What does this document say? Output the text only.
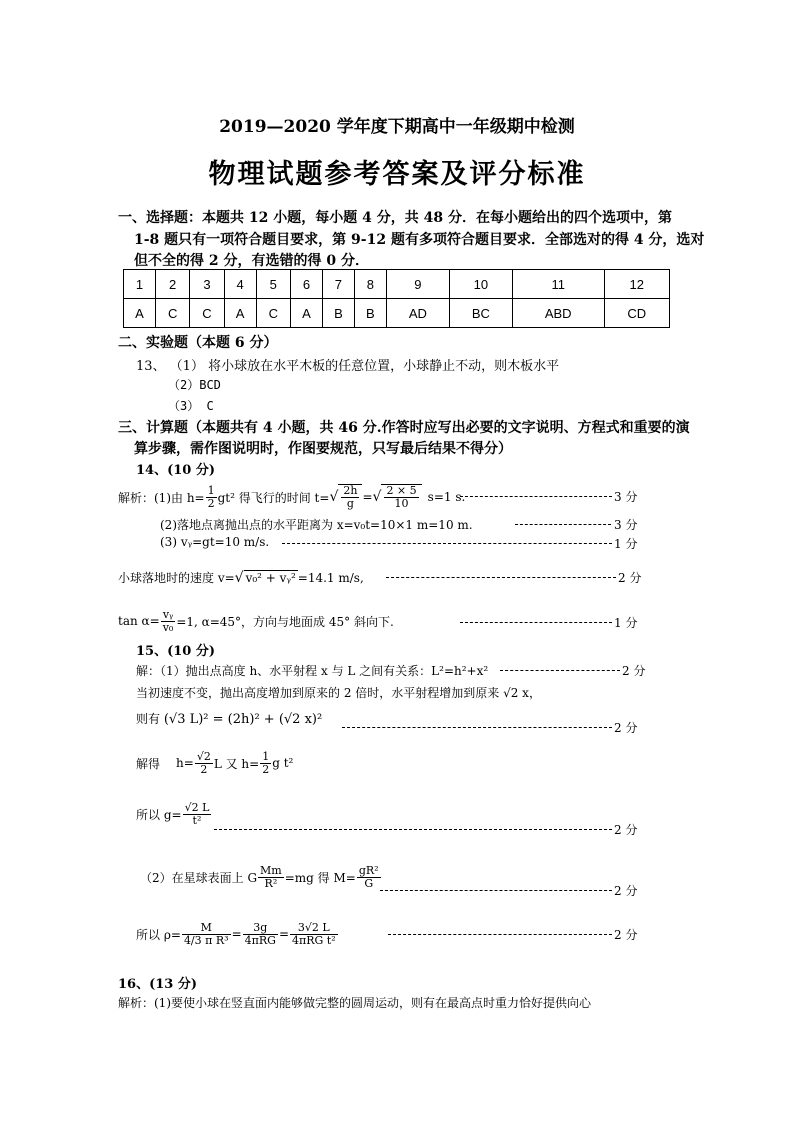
2019—2020 学年度下期高中一年级期中检测
物理试题参考答案及评分标准
一、选择题：本题共 12 小题，每小题 4 分，共 48 分．在每小题给出的四个选项中，第
1-8 题只有一项符合题目要求，第 9-12 题有多项符合题目要求．全部选对的得 4 分，选对
但不全的得 2 分，有选错的得 0 分．
1	2	3	4	5	6	7	8	9	10	11	12
A	C	C	A	C	A	B	B	AD	BC	ABD	CD
二、实验题（本题 6 分）
13、 （1） 将小球放在水平木板的任意位置，小球静止不动，则木板水平
（2）BCD
（3） C
三、计算题（本题共有 4 小题，共 46 分.作答时应写出必要的文字说明、方程式和重要的演
算步骤，需作图说明时，作图要规范，只写最后结果不得分）
14、(10 分)
解析：(1)由 $h= \frac{1}{2} gt^2$ 得飞行的时间 t= √ $\frac{2h}{g}$ = √ $\frac{2 \times 5}{10} s=1$ s.	3 分
(2)落地点离抛出点的水平距离为 x=v₀t=10×1 m=10 m.	3 分
(3) vᵧ=gt=10 m/s.	1 分
小球落地时的速度 v=√ v₀² + vᵧ² =14.1 m/s,	2 分
$\tan \alpha= \frac{\text{vᵧ}}{\text{v₀}} =1$, α=45°，方向与地面成 45° 斜向下.	1 分
15、(10 分)
解：（1）抛出点高度 h、水平射程 x 与 L 之间有关系：L²=h²+x²	2 分
当初速度不变，抛出高度增加到原来的 2 倍时，水平射程增加到原来 √2 x，
则有 (√3 L)² = (2h)² + (√2 x)²
2 分
解得 $h= \frac{√2}{2}$ L 又 $h= \frac{1}{2}$ g t²
所以 $g= \frac{√2 L}{\text{t²}}$
2 分
（2）在星球表面上 G $\frac{Mm}{\text{R²}} =mg$ 得 $M= \frac{\text{gR²}}{G}$
2 分
所以 $\rho= \frac{M}{\text{4/3 π R³}} = \frac{3g}{\text{4πRG}} = \frac{3√2 L}{\text{4πRG t²}}$	2 分
16、(13 分)
解析：(1)要使小球在竖直面内能够做完整的圆周运动，则有在最高点时重力恰好提供向心
